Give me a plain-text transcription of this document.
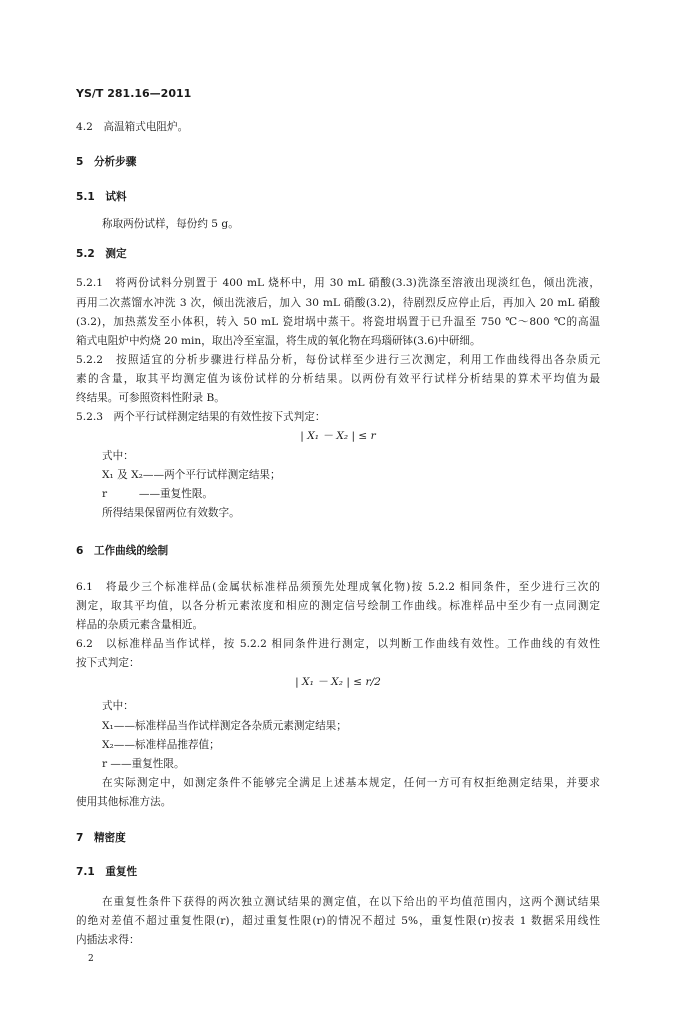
YS/T 281.16—2011
4.2　高温箱式电阻炉。
5　分析步骤
5.1　试料
称取两份试样，每份约 5 g。
5.2　测定
5.2.1　将两份试料分别置于 400 mL 烧杯中，用 30 mL 硝酸(3.3)洗涤至溶液出现淡红色，倾出洗液，
再用二次蒸馏水冲洗 3 次，倾出洗液后，加入 30 mL 硝酸(3.2)，待剧烈反应停止后，再加入 20 mL 硝酸
(3.2)，加热蒸发至小体积，转入 50 mL 瓷坩埚中蒸干。将瓷坩埚置于已升温至 750 ℃～800 ℃的高温
箱式电阻炉中灼烧 20 min，取出冷至室温，将生成的氧化物在玛瑙研钵(3.6)中研细。
5.2.2　按照适宜的分析步骤进行样品分析，每份试样至少进行三次测定，利用工作曲线得出各杂质元
素的含量，取其平均测定值为该份试样的分析结果。以两份有效平行试样分析结果的算术平均值为最
终结果。可参照资料性附录 B。
5.2.3　两个平行试样测定结果的有效性按下式判定：
| X₁ － X₂ | ≤ r
式中：
X₁ 及 X₂——两个平行试样测定结果；
r　　　——重复性限。
所得结果保留两位有效数字。
6　工作曲线的绘制
6.1　将最少三个标准样品(金属状标准样品须预先处理成氧化物)按 5.2.2 相同条件，至少进行三次的
测定，取其平均值，以各分析元素浓度和相应的测定信号绘制工作曲线。标准样品中至少有一点同测定
样品的杂质元素含量相近。
6.2　以标准样品当作试样，按 5.2.2 相同条件进行测定，以判断工作曲线有效性。工作曲线的有效性
按下式判定：
| X₁ － X₂ | ≤ r/2
式中：
X₁——标准样品当作试样测定各杂质元素测定结果；
X₂——标准样品推荐值；
r ——重复性限。
在实际测定中，如测定条件不能够完全满足上述基本规定，任何一方可有权拒绝测定结果，并要求
使用其他标准方法。
7　精密度
7.1　重复性
在重复性条件下获得的两次独立测试结果的测定值，在以下给出的平均值范围内，这两个测试结果
的绝对差值不超过重复性限(r)，超过重复性限(r)的情况不超过 5%，重复性限(r)按表 1 数据采用线性
内插法求得：
2
